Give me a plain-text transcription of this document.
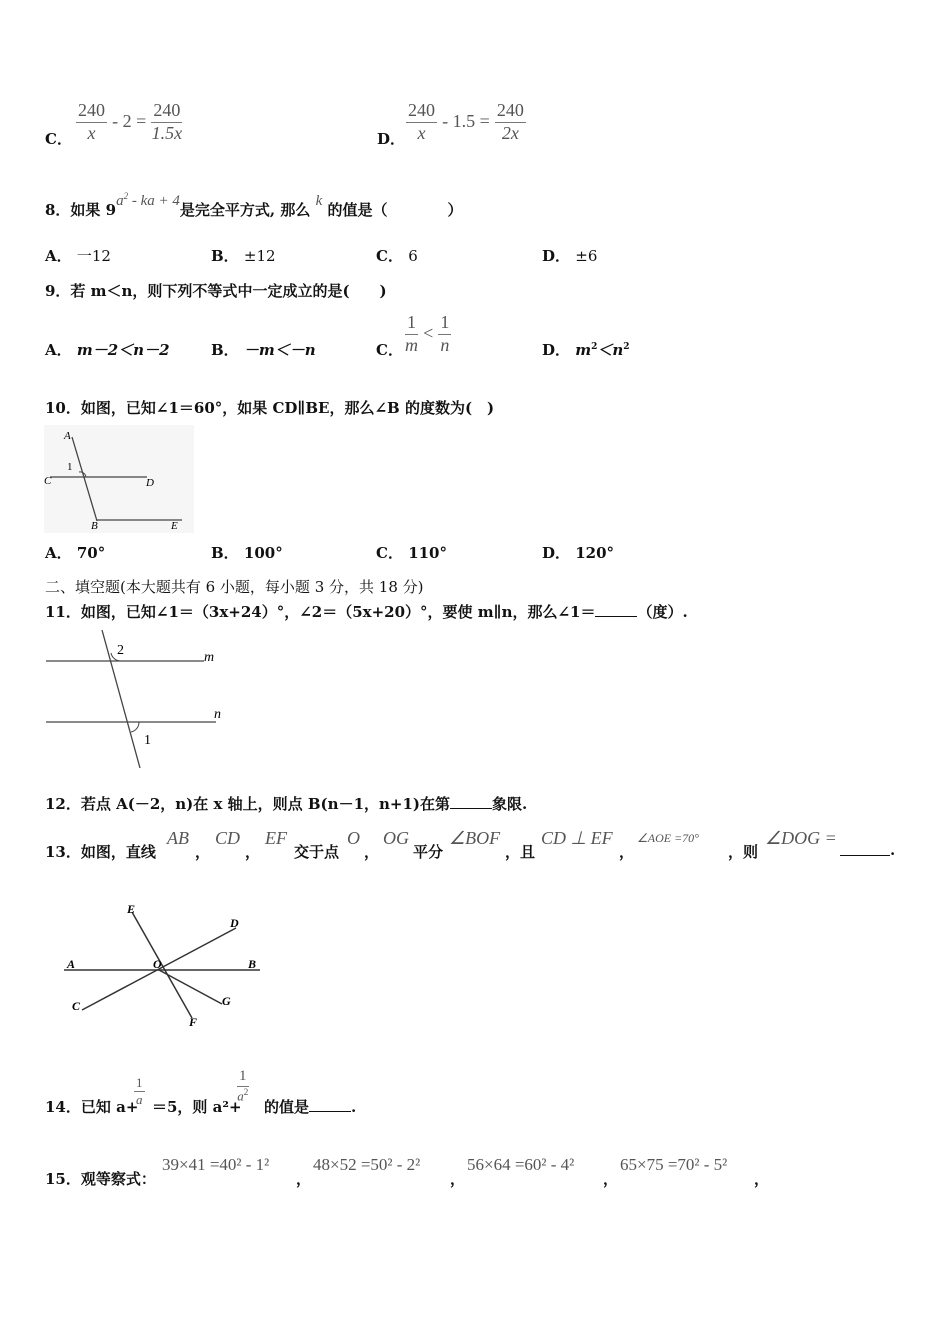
C． $\frac{240}{x} - 2 = \frac{240}{1.5x}$	D． $\frac{240}{x} - 1.5 = \frac{240}{2x}$
8．如果 $9a^2$ - ka + 4是完全平方式, 那么 k 的值是（　　　　）
A． 一12	B． ±12	C． 6	D． ±6
9．若 m＜n，则下列不等式中一定成立的是(　　)
A． m－2＜n－2	B． －m＜－n	C． $\frac{1}{m} < \frac{1}{n}$	D． $m^2<n^2$
10．如图，已知∠1＝60°，如果 CD∥BE，那么∠B 的度数为(　)
A
1
C	D
B	E
A． 70°	B． 100°	C． 110°	D． 120°
二、填空题(本大题共有 6 小题，每小题 3 分，共 18 分)
11．如图，已知∠1＝（3x+24）°，∠2＝（5x+20）°，要使 m∥n，那么∠1＝	（度）.
2	m
n
1
12．若点 A(－2，n)在 x 轴上，则点 B(n－1，n+1)在第	象限.
13．如图，直线
AB
，
CD
，
EF
交于点
O
，
OG
平分
∠BOF
，且
CD ⊥ EF
，
∠AOE =70°
，则
∠DOG =
.
E
D
A	O	B
C	G
F
14．已知 a+
$\frac{1}{a} =5$，则 a²+
$\frac{1}{a^2}$
的值是	.
15．观等察式：
39×41 =40² - 1²
，
48×52 =50² - 2²
，
56×64 =60² - 4²
，
65×75 =70² - 5²
，
